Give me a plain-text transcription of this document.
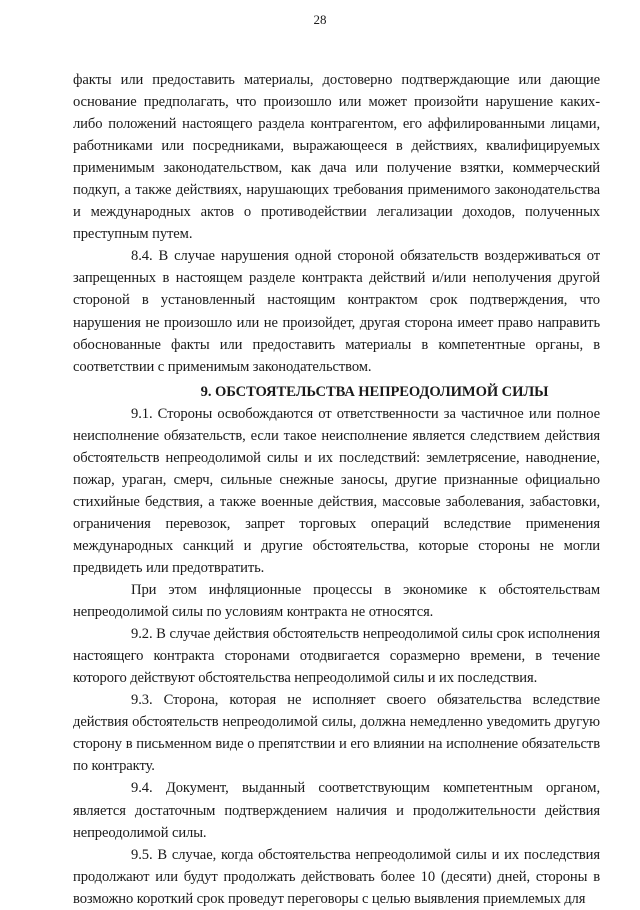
28

факты или предоставить материалы, достоверно подтверждающие или дающие основание предполагать, что произошло или может произойти нарушение каких-либо положений настоящего раздела контрагентом, его аффилированными лицами, работниками или посредниками, выражающееся в действиях, квалифицируемых применимым законодательством, как дача или получение взятки, коммерческий подкуп, а также действиях, нарушающих требования применимого законодательства и международных актов о противодействии легализации доходов, полученных преступным путем.

8.4. В случае нарушения одной стороной обязательств воздерживаться от запрещенных в настоящем разделе контракта действий и/или неполучения другой стороной в установленный настоящим контрактом срок подтверждения, что нарушения не произошло или не произойдет, другая сторона имеет право направить обоснованные факты или предоставить материалы в компетентные органы, в соответствии с применимым законодательством.

9. ОБСТОЯТЕЛЬСТВА НЕПРЕОДОЛИМОЙ СИЛЫ

9.1. Стороны освобождаются от ответственности за частичное или полное неисполнение обязательств, если такое неисполнение является следствием действия обстоятельств непреодолимой силы и их последствий: землетрясение, наводнение, пожар, ураган, смерч, сильные снежные заносы, другие признанные официально стихийные бедствия, а также военные действия, массовые заболевания, забастовки, ограничения перевозок, запрет торговых операций вследствие применения международных санкций и другие обстоятельства, которые стороны не могли предвидеть или предотвратить.

При этом инфляционные процессы в экономике к обстоятельствам непреодолимой силы по условиям контракта не относятся.

9.2. В случае действия обстоятельств непреодолимой силы срок исполнения настоящего контракта сторонами отодвигается соразмерно времени, в течение которого действуют обстоятельства непреодолимой силы и их последствия.

9.3. Сторона, которая не исполняет своего обязательства вследствие действия обстоятельств непреодолимой силы, должна немедленно уведомить другую сторону в письменном виде о препятствии и его влиянии на исполнение обязательств по контракту.

9.4. Документ, выданный соответствующим компетентным органом, является достаточным подтверждением наличия и продолжительности действия непреодолимой силы.

9.5. В случае, когда обстоятельства непреодолимой силы и их последствия продолжают или будут продолжать действовать более 10 (десяти) дней, стороны в возможно короткий срок проведут переговоры с целью выявления приемлемых для
